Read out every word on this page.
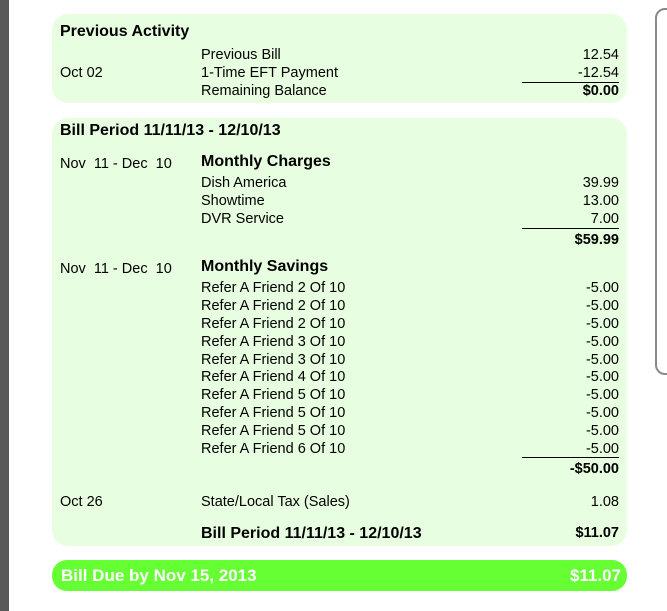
Previous Activity
Previous Bill	12.54
Oct 02	1-Time EFT Payment	-12.54
Remaining Balance	$0.00
Bill Period 11/11/13 - 12/10/13
Nov  11 - Dec  10 Monthly Charges
Dish America	39.99
Showtime	13.00
DVR Service	7.00
$59.99
Nov  11 - Dec  10 Monthly Savings
Refer A Friend 2 Of 10	-5.00
Refer A Friend 2 Of 10	-5.00
Refer A Friend 2 Of 10	-5.00
Refer A Friend 3 Of 10	-5.00
Refer A Friend 3 Of 10	-5.00
Refer A Friend 4 Of 10	-5.00
Refer A Friend 5 Of 10	-5.00
Refer A Friend 5 Of 10	-5.00
Refer A Friend 5 Of 10	-5.00
Refer A Friend 6 Of 10	-5.00
-$50.00
Oct 26	State/Local Tax (Sales)	1.08
Bill Period 11/11/13 - 12/10/13	$11.07
Bill Due by Nov 15, 2013	$11.07
